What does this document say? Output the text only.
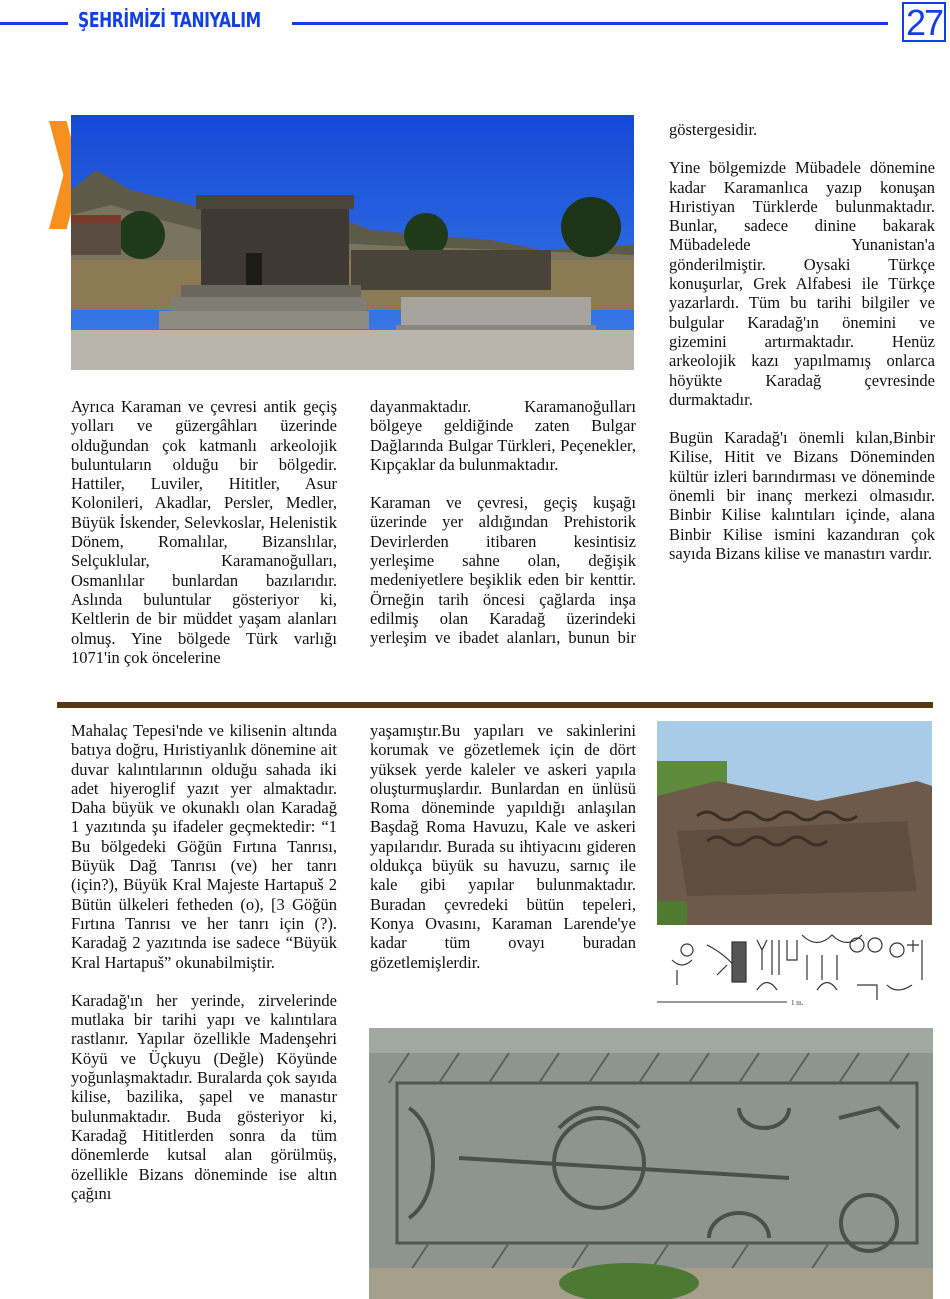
ŞEHRİMİZİ TANIYALIM	27

Ayrıca Karaman ve çevresi antik geçiş yolları ve güzergâhları üzerinde olduğundan çok katmanlı arkeolojik buluntuların olduğu bir bölgedir. Hattiler, Luviler, Hititler, Asur Kolonileri, Akadlar, Persler, Medler, Büyük İskender, Selevkoslar, Helenistik Dönem, Romalılar, Bizanslılar, Selçuklular, Karamanoğulları, Osmanlılar bunlardan bazılarıdır. Aslında buluntular gösteriyor ki, Keltlerin de bir müddet yaşam alanları olmuş. Yine bölgede Türk varlığı 1071'in çok öncelerine

dayanmaktadır. Karamanoğulları bölgeye geldiğinde zaten Bulgar Dağlarında Bulgar Türkleri, Peçenekler, Kıpçaklar da bulunmaktadır.

Karaman ve çevresi, geçiş kuşağı üzerinde yer aldığından Prehistorik Devirlerden itibaren kesintisiz yerleşime sahne olan, değişik medeniyetlere beşiklik eden bir kenttir. Örneğin tarih öncesi çağlarda inşa edilmiş olan Karadağ üzerindeki yerleşim ve ibadet alanları, bunun bir

göstergesidir.

Yine bölgemizde Mübadele dönemine kadar Karamanlıca yazıp konuşan Hıristiyan Türklerde bulunmaktadır. Bunlar, sadece dinine bakarak Mübadelede Yunanistan'a gönderilmiştir. Oysaki Türkçe konuşurlar, Grek Alfabesi ile Türkçe yazarlardı. Tüm bu tarihi bilgiler ve bulgular Karadağ'ın önemini ve gizemini artırmaktadır. Henüz arkeolojik kazı yapılmamış onlarca höyükte Karadağ çevresinde durmaktadır.

Bugün Karadağ'ı önemli kılan,Binbir Kilise, Hitit ve Bizans Döneminden kültür izleri barındırması ve döneminde önemli bir inanç merkezi olmasıdır. Binbir Kilise kalıntıları içinde, alana Binbir Kilise ismini kazandıran çok sayıda Bizans kilise ve manastırı vardır.

Mahalaç Tepesi'nde ve kilisenin altında batıya doğru, Hıristiyanlık dönemine ait duvar kalıntılarının olduğu sahada iki adet hiyeroglif yazıt yer almaktadır. Daha büyük ve okunaklı olan Karadağ 1 yazıtında şu ifadeler geçmektedir: “1 Bu bölgedeki Göğün Fırtına Tanrısı, Büyük Dağ Tanrısı (ve) her tanrı (için?), Büyük Kral Majeste Hartapuš 2 Bütün ülkeleri fetheden (o), [3 Göğün Fırtına Tanrısı ve her tanrı için (?). Karadağ 2 yazıtında ise sadece “Büyük Kral Hartapuš” okunabilmiştir.

Karadağ'ın her yerinde, zirvelerinde mutlaka bir tarihi yapı ve kalıntılara rastlanır. Yapılar özellikle Madenşehri Köyü ve Üçkuyu (Değle) Köyünde yoğunlaşmaktadır. Buralarda çok sayıda kilise, bazilika, şapel ve manastır bulunmaktadır. Buda gösteriyor ki, Karadağ Hititlerden sonra da tüm dönemlerde kutsal alan görülmüş, özellikle Bizans döneminde ise altın çağını

yaşamıştır.Bu yapıları ve sakinlerini korumak ve gözetlemek için de dört yüksek yerde kaleler ve askeri yapıla oluşturmuşlardır. Bunlardan en ünlüsü Roma döneminde yapıldığı anlaşılan Başdağ Roma Havuzu, Kale ve askeri yapılarıdır. Burada su ihtiyacını gideren oldukça büyük su havuzu, sarnıç ile kale gibi yapılar bulunmaktadır. Buradan çevredeki bütün tepeleri, Konya Ovasını, Karaman Larende'ye kadar tüm ovayı buradan gözetlemişlerdir.

1 m.
